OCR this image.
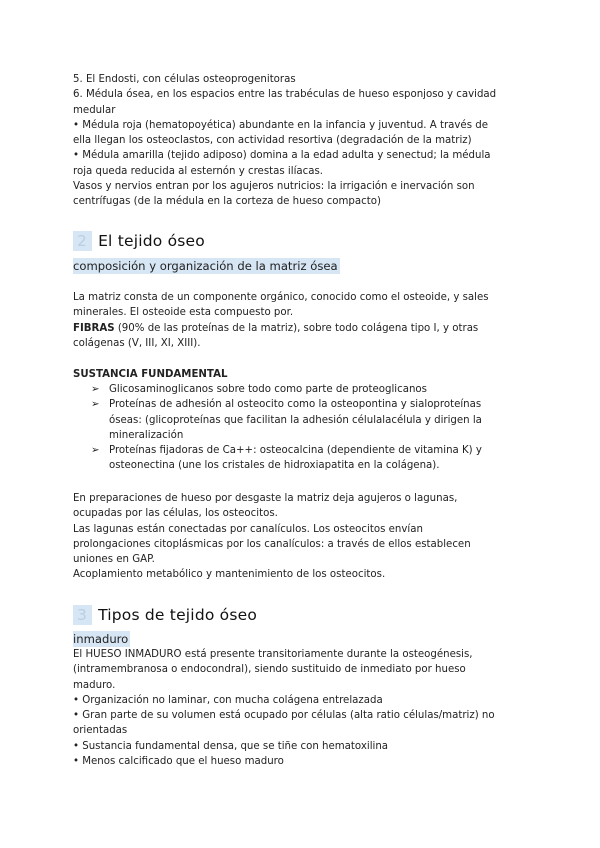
5. El Endosti, con células osteoprogenitoras
6. Médula ósea, en los espacios entre las trabéculas de hueso esponjoso y cavidad
medular
• Médula roja (hematopoyética) abundante en la infancia y juventud. A través de
ella llegan los osteoclastos, con actividad resortiva (degradación de la matriz)
• Médula amarilla (tejido adiposo) domina a la edad adulta y senectud; la médula
roja queda reducida al esternón y crestas ilíacas.
Vasos y nervios entran por los agujeros nutricios: la irrigación e inervación son
centrífugas (de la médula en la corteza de hueso compacto)

2 El tejido óseo
composición y organización de la matriz ósea

La matriz consta de un componente orgánico, conocido como el osteoide, y sales
minerales. El osteoide esta compuesto por.
FIBRAS (90% de las proteínas de la matriz), sobre todo colágena tipo I, y otras
colágenas (V, III, XI, XIII).

SUSTANCIA FUNDAMENTAL

➢ Glicosaminoglicanos sobre todo como parte de proteoglicanos
➢ Proteínas de adhesión al osteocito como la osteopontina y sialoproteínas
óseas: (glicoproteínas que facilitan la adhesión célulalacélula y dirigen la
mineralización
➢ Proteínas fijadoras de Ca++: osteocalcina (dependiente de vitamina K) y
osteonectina (une los cristales de hidroxiapatita en la colágena).

En preparaciones de hueso por desgaste la matriz deja agujeros o lagunas,
ocupadas por las células, los osteocitos.
Las lagunas están conectadas por canalículos. Los osteocitos envían
prolongaciones citoplásmicas por los canalículos: a través de ellos establecen
uniones en GAP.
Acoplamiento metabólico y mantenimiento de los osteocitos.

3 Tipos de tejido óseo
inmaduro

El HUESO INMADURO está presente transitoriamente durante la osteogénesis,
(intramembranosa o endocondral), siendo sustituido de inmediato por hueso
maduro.
• Organización no laminar, con mucha colágena entrelazada
• Gran parte de su volumen está ocupado por células (alta ratio células/matriz) no
orientadas
• Sustancia fundamental densa, que se tiñe con hematoxilina
• Menos calcificado que el hueso maduro
